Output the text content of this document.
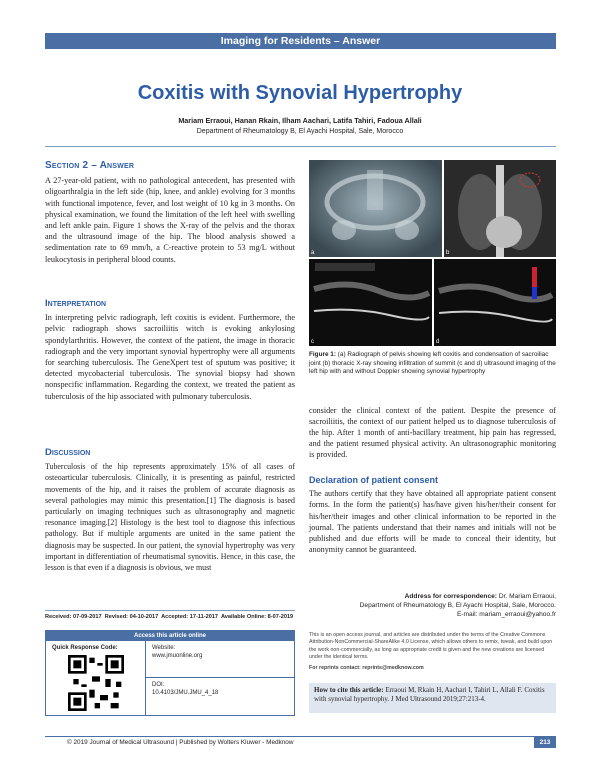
Imaging for Residents – Answer
Coxitis with Synovial Hypertrophy
Mariam Erraoui, Hanan Rkain, Ilham Aachari, Latifa Tahiri, Fadoua Allali
Department of Rheumatology B, El Ayachi Hospital, Sale, Morocco
Section 2 – Answer

A 27-year-old patient, with no pathological antecedent, has presented with oligoarthralgia in the left side (hip, knee, and ankle) evolving for 3 months with functional impotence, fever, and lost weight of 10 kg in 3 months. On physical examination, we found the limitation of the left heel with swelling and left ankle pain. Figure 1 shows the X-ray of the pelvis and the thorax and the ultrasound image of the hip. The blood analysis showed a sedimentation rate to 69 mm/h, a C-reactive protein to 53 mg/L without leukocytosis in peripheral blood counts.

Interpretation

In interpreting pelvic radiograph, left coxitis is evident. Furthermore, the pelvic radiograph shows sacroiliitis witch is evoking ankylosing spondylarthritis. However, the context of the patient, the image in thoracic radiograph and the very important synovial hypertrophy were all arguments for searching tuberculosis. The GeneXpert test of sputum was positive; it detected mycobacterial tuberculosis. The synovial biopsy had shown nonspecific inflammation. Regarding the context, we treated the patient as tuberculosis of the hip associated with pulmonary tuberculosis.

Discussion

Tuberculosis of the hip represents approximately 15% of all cases of osteoarticular tuberculosis. Clinically, it is presenting as painful, restricted movements of the hip, and it raises the problem of accurate diagnosis as several pathologies may mimic this presentation.[1] The diagnosis is based particularly on imaging techniques such as ultrasonography and magnetic resonance imaging.[2] Histology is the best tool to diagnose this infectious pathology. But if multiple arguments are united in the same patient the diagnosis may be suspected. In our patient, the synovial hypertrophy was very important in differentiation of rheumatismal synovitis. Hence, in this case, the lesson is that even if a diagnosis is obvious, we must

a	b
c	d
Figure 1: (a) Radiograph of pelvis showing left coxitis and condensation of sacroiliac joint (b) thoracic X-ray showing infiltration of summit (c and d) ultrasound imaging of the left hip with and without Doppler showing synovial hypertrophy

consider the clinical context of the patient. Despite the presence of sacroiliitis, the context of our patient helped us to diagnose tuberculosis of the hip. After 1 month of anti-bacillary treatment, hip pain has regressed, and the patient resumed physical activity. An ultrasonographic monitoring is provided.

Declaration of patient consent

The authors certify that they have obtained all appropriate patient consent forms. In the form the patient(s) has/have given his/her/their consent for his/her/their images and other clinical information to be reported in the journal. The patients understand that their names and initials will not be published and due efforts will be made to conceal their identity, but anonymity cannot be guaranteed.

Address for correspondence: Dr. Mariam Erraoui,
Department of Rheumatology B, El Ayachi Hospital, Sale, Morocco.
E-mail: mariam_erraoui@yahoo.fr
Received: 07-09-2017 Revised: 04-10-2017 Accepted: 17-11-2017 Available Online: 8-07-2019
Access this article online
Quick Response Code:	Website:
www.jmuonline.org
DOI:
10.4103/JMU.JMU_4_18
This is an open access journal, and articles are distributed under the terms of the Creative Commons Attribution-NonCommercial-ShareAlike 4.0 License, which allows others to remix, tweak, and build upon the work non-commercially, as long as appropriate credit is given and the new creations are licensed under the identical terms.
For reprints contact: reprints@medknow.com
How to cite this article: Erraoui M, Rkain H, Aachari I, Tahiri L, Allali F. Coxitis with synovial hypertrophy. J Med Ultrasound 2019;27:213-4.
© 2019 Journal of Medical Ultrasound | Published by Wolters Kluwer - Medknow	213
